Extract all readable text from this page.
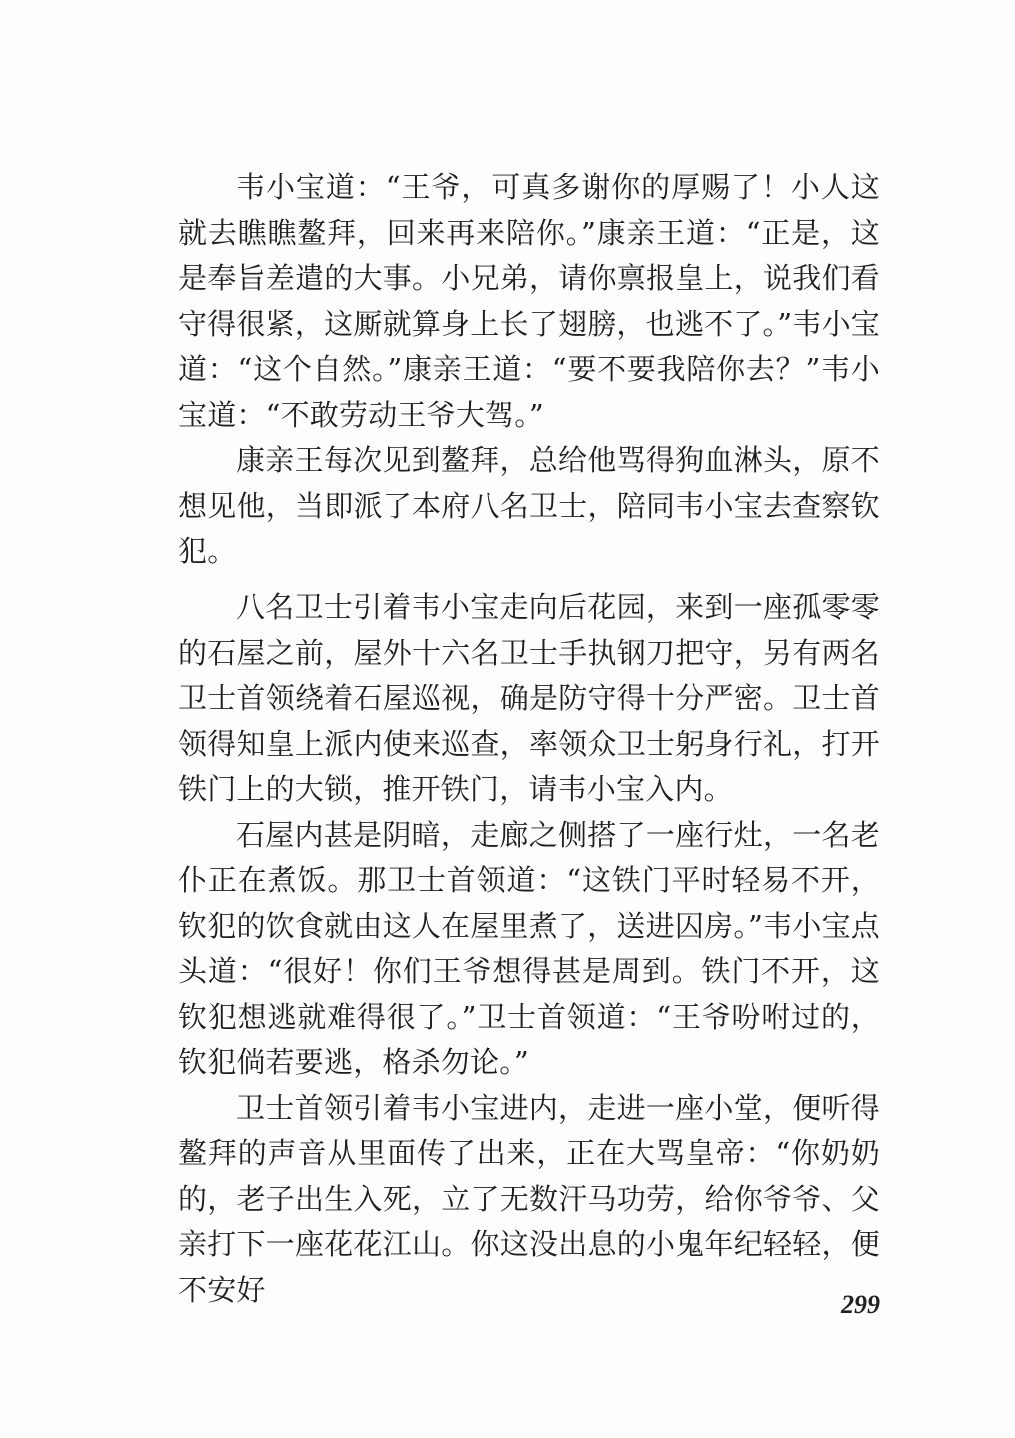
韦小宝道：“王爷，可真多谢你的厚赐了！小人这就去瞧瞧鳌拜，回来再来陪你。”康亲王道：“正是，这是奉旨差遣的大事。小兄弟，请你禀报皇上，说我们看守得很紧，这厮就算身上长了翅膀，也逃不了。”韦小宝道：“这个自然。”康亲王道：“要不要我陪你去？”韦小宝道：“不敢劳动王爷大驾。”

康亲王每次见到鳌拜，总给他骂得狗血淋头，原不想见他，当即派了本府八名卫士，陪同韦小宝去查察钦犯。

八名卫士引着韦小宝走向后花园，来到一座孤零零的石屋之前，屋外十六名卫士手执钢刀把守，另有两名卫士首领绕着石屋巡视，确是防守得十分严密。卫士首领得知皇上派内使来巡查，率领众卫士躬身行礼，打开铁门上的大锁，推开铁门，请韦小宝入内。

石屋内甚是阴暗，走廊之侧搭了一座行灶，一名老仆正在煮饭。那卫士首领道：“这铁门平时轻易不开，钦犯的饮食就由这人在屋里煮了，送进囚房。”韦小宝点头道：“很好！你们王爷想得甚是周到。铁门不开，这钦犯想逃就难得很了。”卫士首领道：“王爷吩咐过的，钦犯倘若要逃，格杀勿论。”

卫士首领引着韦小宝进内，走进一座小堂，便听得鳌拜的声音从里面传了出来，正在大骂皇帝：“你奶奶的，老子出生入死，立了无数汗马功劳，给你爷爷、父亲打下一座花花江山。你这没出息的小鬼年纪轻轻，便不安好	299
